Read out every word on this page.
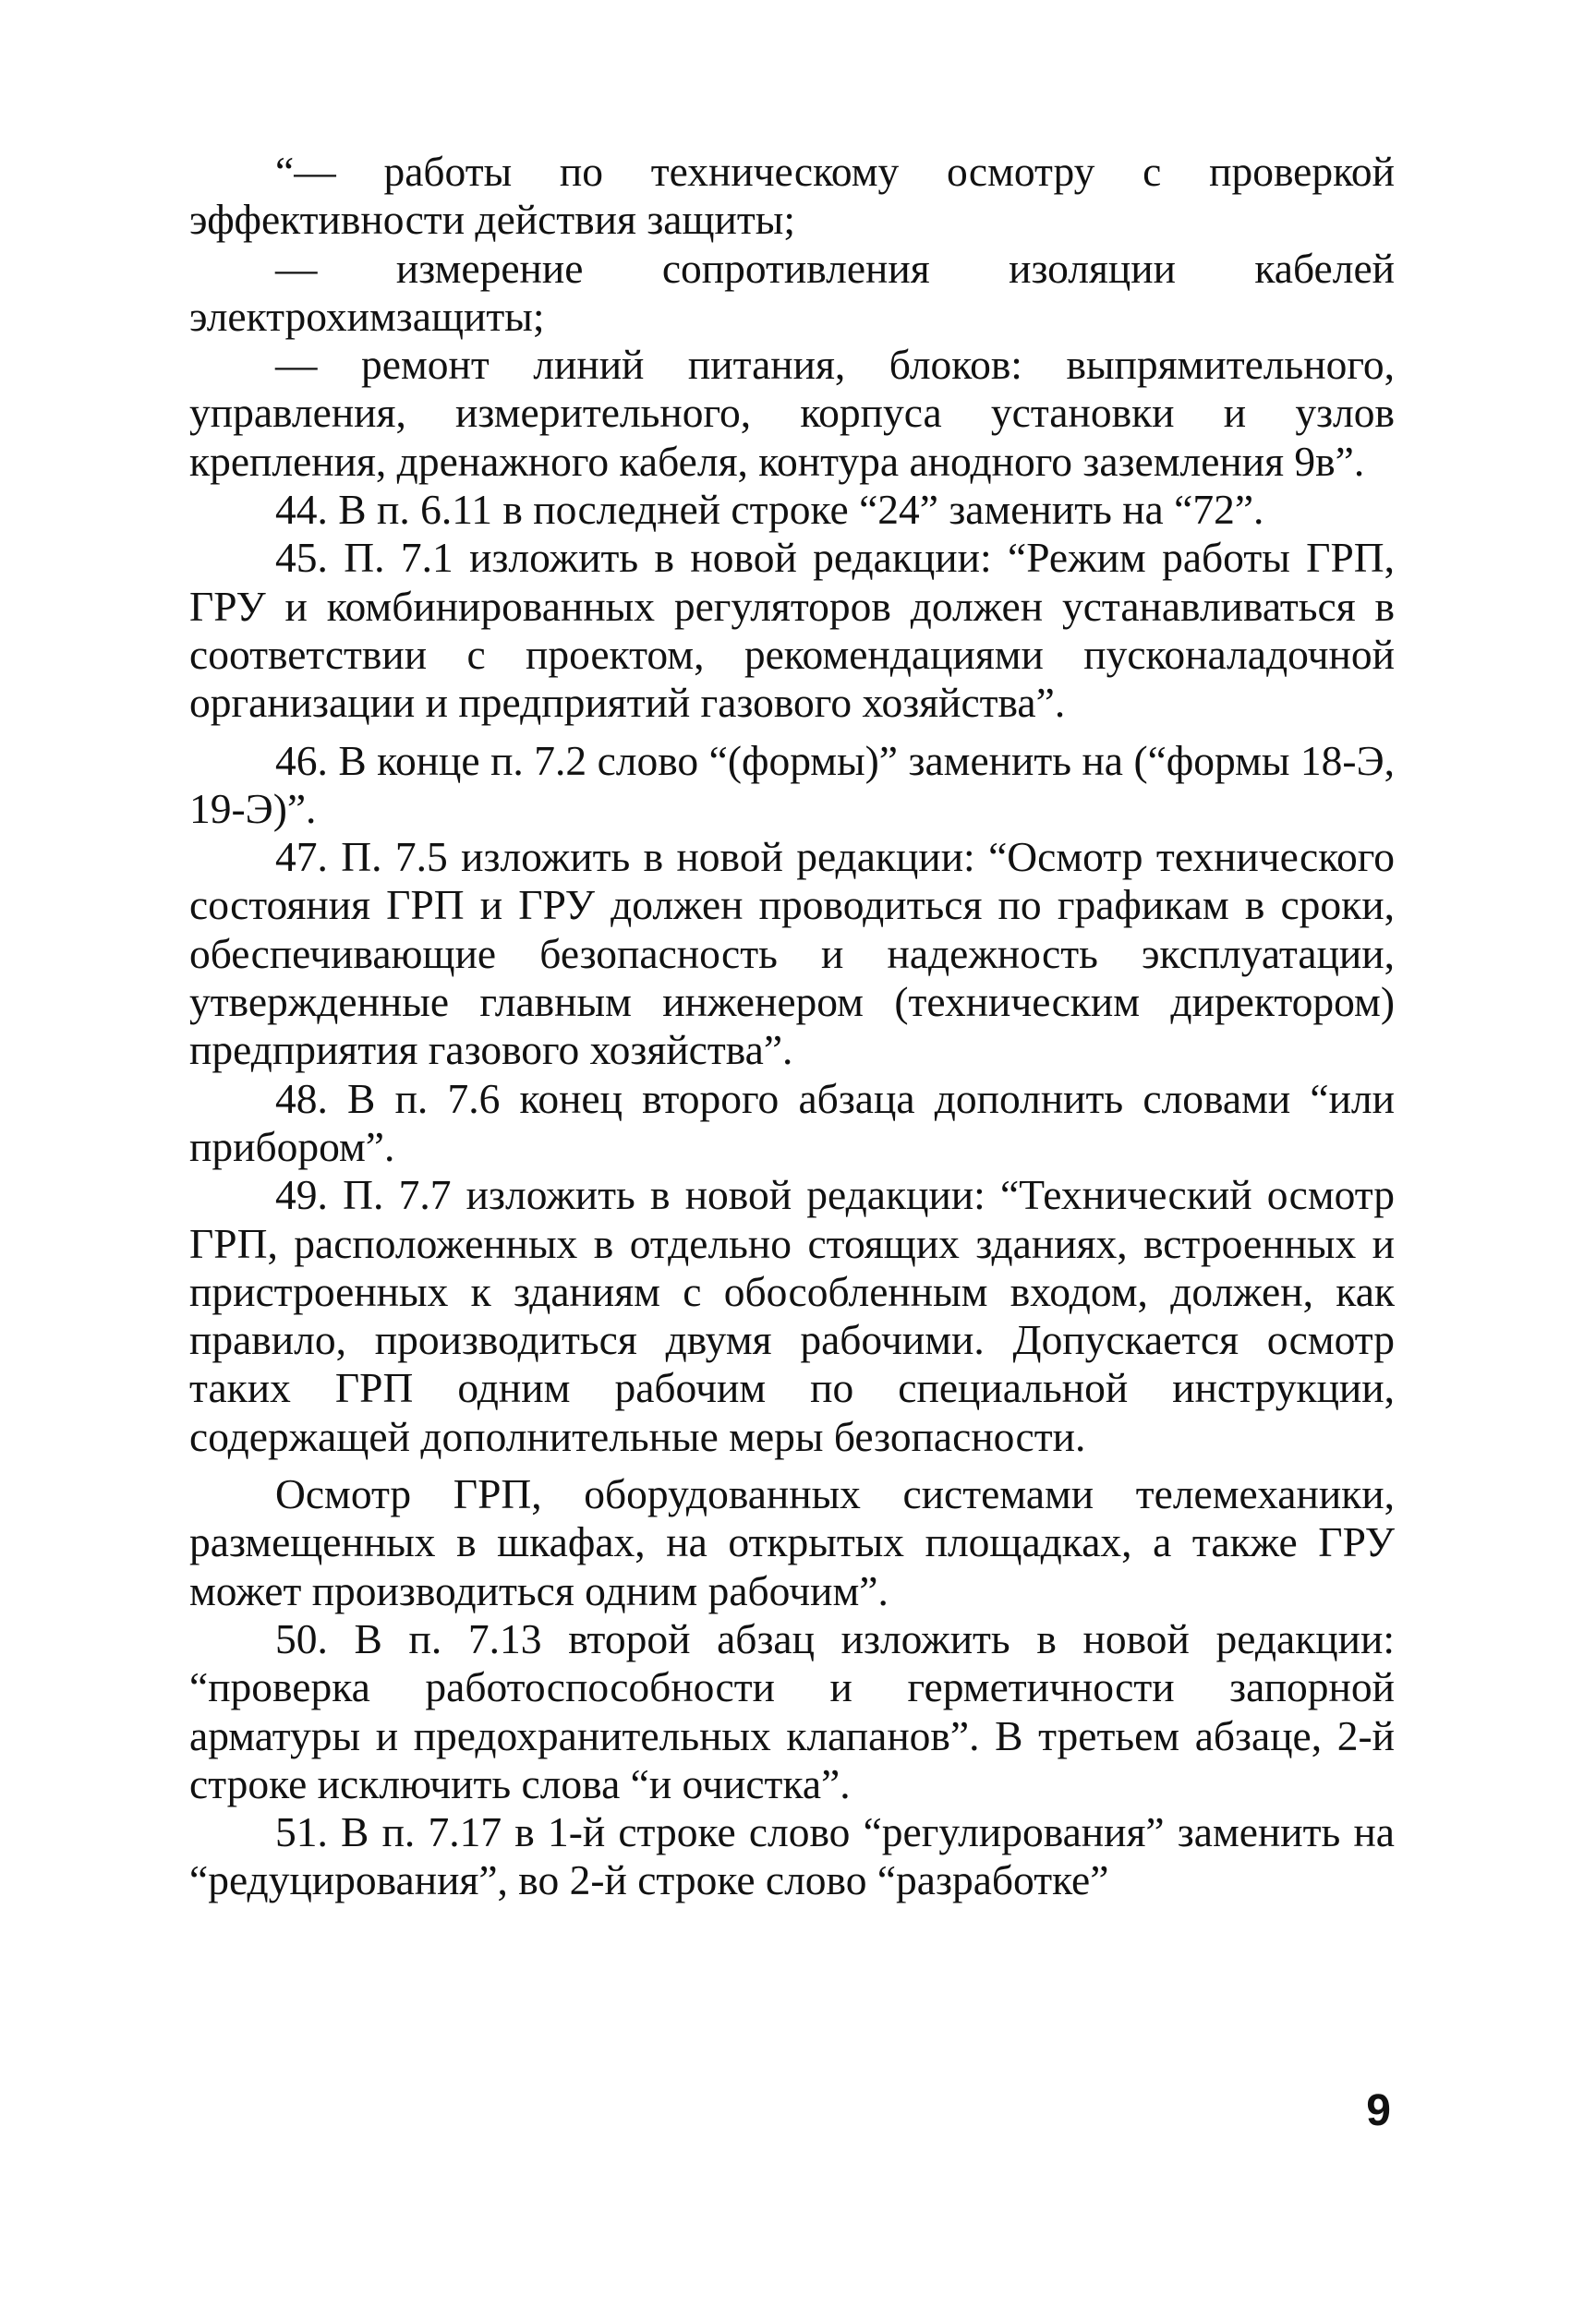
“— работы по техническому осмотру с проверкой эффективности действия защиты;

— измерение сопротивления изоляции кабелей электрохимзащиты;

— ремонт линий питания, блоков: выпрямительного, управления, измерительного, корпуса установки и узлов крепления, дренажного кабеля, контура анодного заземления 9в”.

44. В п. 6.11 в последней строке “24” заменить на “72”.

45. П. 7.1 изложить в новой редакции: “Режим работы ГРП, ГРУ и комбинированных регуляторов должен устанавливаться в соответствии с проектом, рекомендациями пусконаладочной организации и предприятий газового хозяйства”.

46. В конце п. 7.2 слово “(формы)” заменить на (“формы 18-Э, 19-Э)”.

47. П. 7.5 изложить в новой редакции: “Осмотр технического состояния ГРП и ГРУ должен проводиться по графикам в сроки, обеспечивающие безопасность и надежность эксплуатации, утвержденные главным инженером (техническим директором) предприятия газового хозяйства”.

48. В п. 7.6 конец второго абзаца дополнить словами “или прибором”.

49. П. 7.7 изложить в новой редакции: “Технический осмотр ГРП, расположенных в отдельно стоящих зданиях, встроенных и пристроенных к зданиям с обособленным входом, должен, как правило, производиться двумя рабочими. Допускается осмотр таких ГРП одним рабочим по специальной инструкции, содержащей дополнительные меры безопасности.

Осмотр ГРП, оборудованных системами телемеханики, размещенных в шкафах, на открытых площадках, а также ГРУ может производиться одним рабочим”.

50. В п. 7.13 второй абзац изложить в новой редакции: “проверка работоспособности и герметичности запорной арматуры и предохранительных клапанов”. В третьем абзаце, 2-й строке исключить слова “и очистка”.

51. В п. 7.17 в 1-й строке слово “регулирования” заменить на “редуцирования”, во 2-й строке слово “разработке”

9
